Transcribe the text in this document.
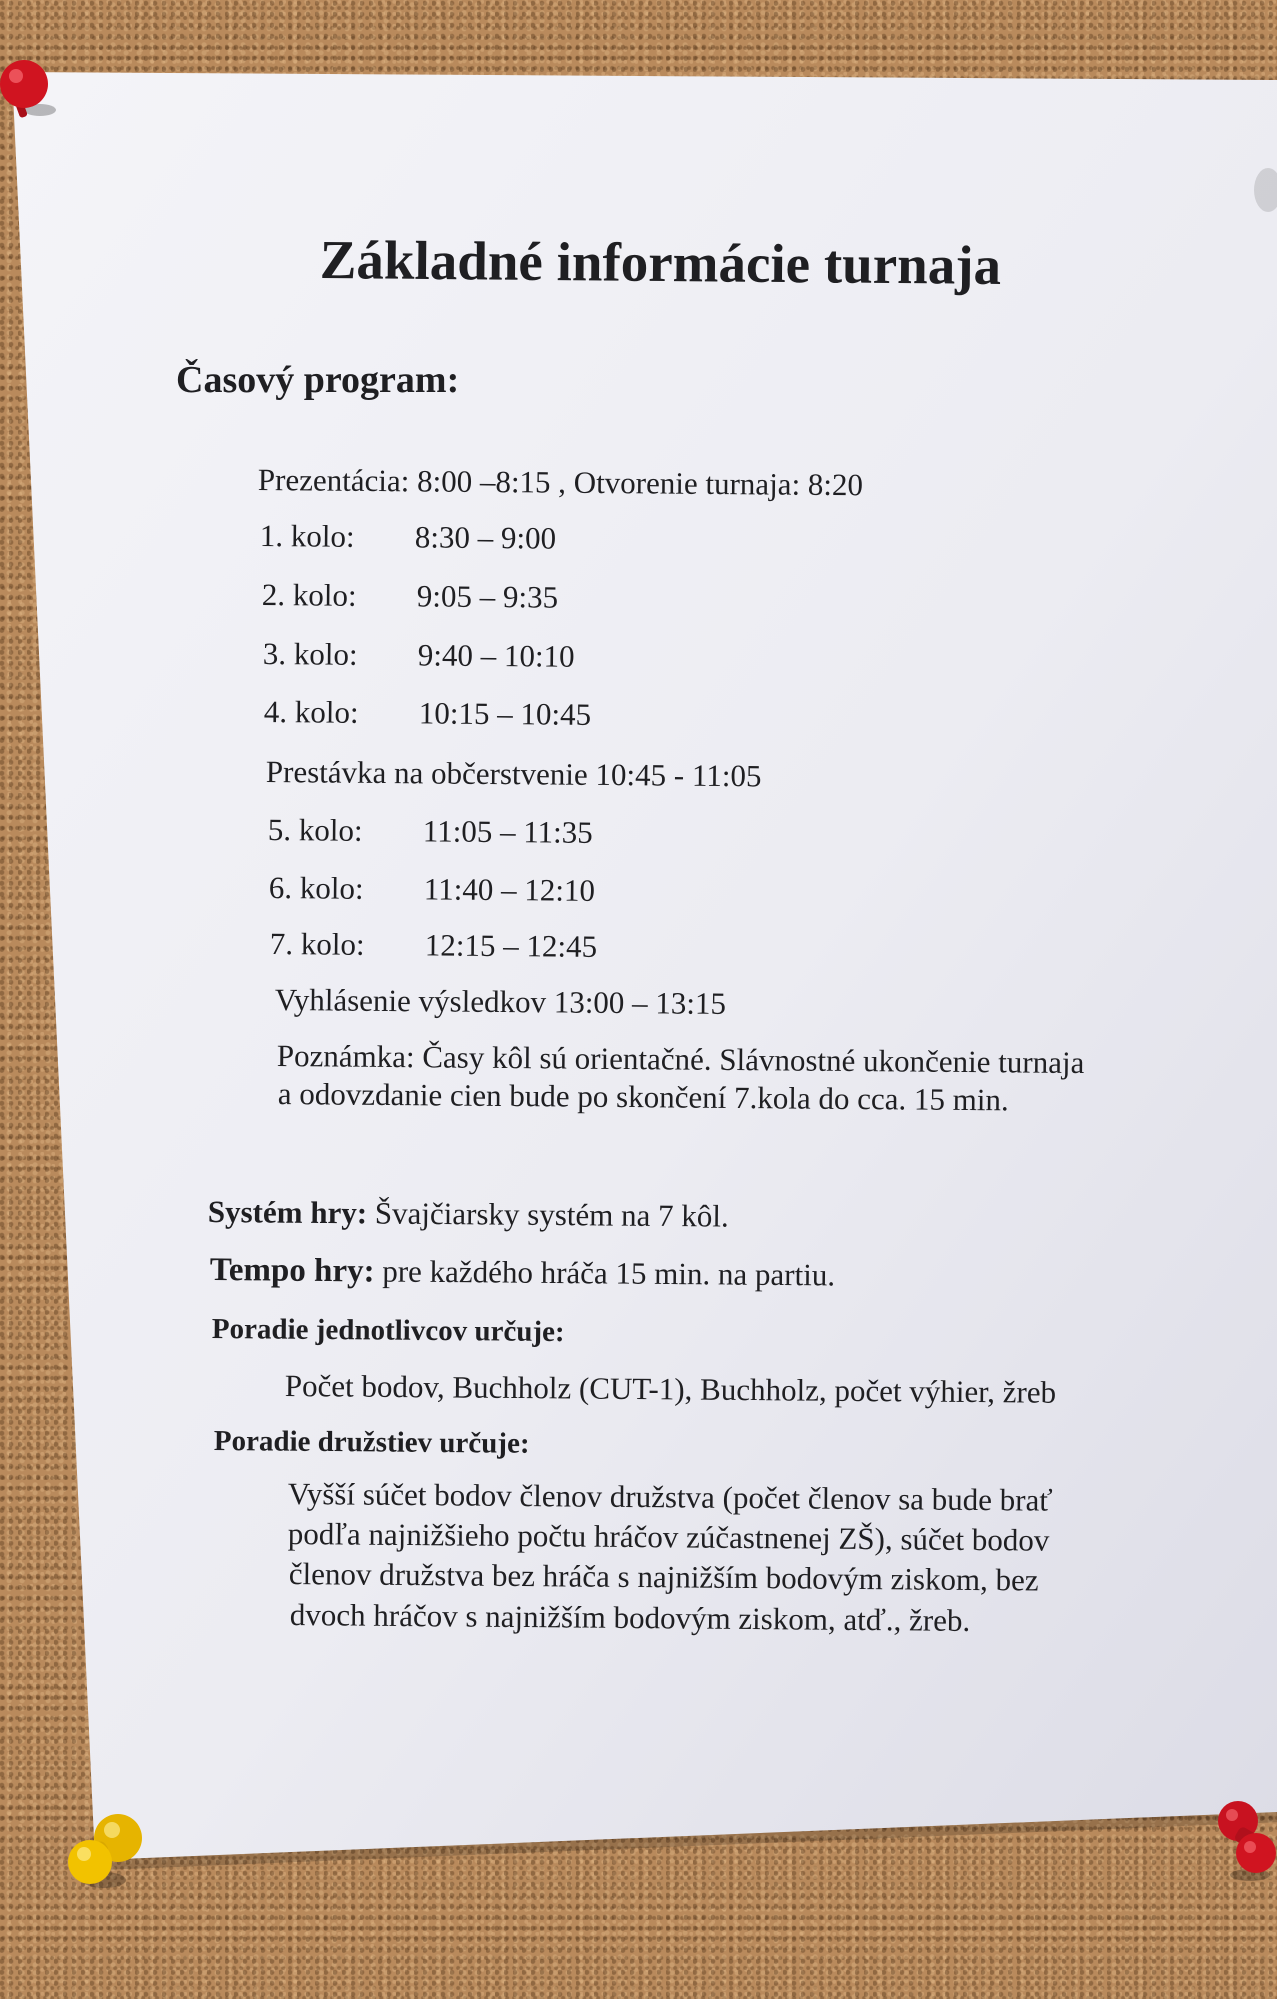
Základné informácie turnaja
Časový program:
Prezentácia: 8:00 –8:15 , Otvorenie turnaja: 8:20
1. kolo: 8:30 – 9:00
2. kolo: 9:05 – 9:35
3. kolo: 9:40 – 10:10
4. kolo: 10:15 – 10:45
Prestávka na občerstvenie 10:45 - 11:05
5. kolo: 11:05 – 11:35
6. kolo: 11:40 – 12:10
7. kolo: 12:15 – 12:45
Vyhlásenie výsledkov 13:00 – 13:15
Poznámka: Časy kôl sú orientačné. Slávnostné ukončenie turnaja
a odovzdanie cien bude po skončení 7.kola do cca. 15 min.
Systém hry: Švajčiarsky systém na 7 kôl.
Tempo hry: pre každého hráča 15 min. na partiu.
Poradie jednotlivcov určuje:
Počet bodov, Buchholz (CUT-1), Buchholz, počet výhier, žreb
Poradie družstiev určuje:
Vyšší súčet bodov členov družstva (počet členov sa bude brať
podľa najnižšieho počtu hráčov zúčastnenej ZŠ), súčet bodov
členov družstva bez hráča s najnižším bodovým ziskom, bez
dvoch hráčov s najnižším bodovým ziskom, atď., žreb.
